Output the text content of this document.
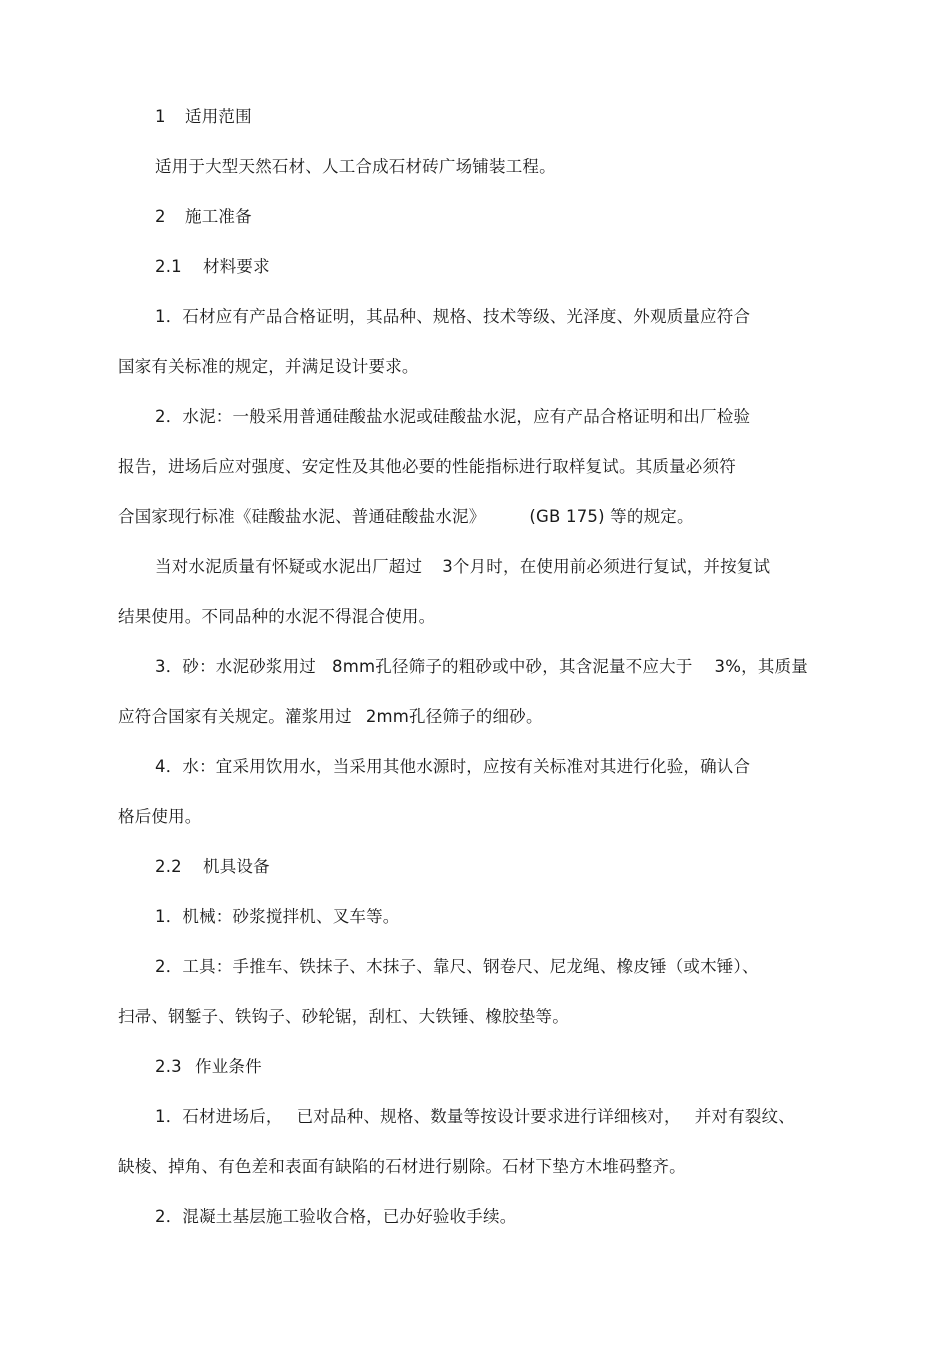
1 适用范围
适用于大型天然石材、人工合成石材砖广场铺装工程。
2 施工准备
2.1 材料要求
1．石材应有产品合格证明，其品种、规格、技术等级、光泽度、外观质量应符合
国家有关标准的规定，并满足设计要求。
2．水泥：一般采用普通硅酸盐水泥或硅酸盐水泥，应有产品合格证明和出厂检验
报告，进场后应对强度、安定性及其他必要的性能指标进行取样复试。其质量必须符
合国家现行标准《硅酸盐水泥、普通硅酸盐水泥》	(GB 175) 等的规定。
当对水泥质量有怀疑或水泥出厂超过 3个月时，在使用前必须进行复试，并按复试
结果使用。不同品种的水泥不得混合使用。
3．砂：水泥砂浆用过 8mm孔径筛子的粗砂或中砂，其含泥量不应大于 3%，其质量
应符合国家有关规定。灌浆用过 2mm孔径筛子的细砂。
4．水：宜采用饮用水，当采用其他水源时，应按有关标准对其进行化验，确认合
格后使用。
2.2 机具设备
1．机械：砂浆搅拌机、叉车等。
2．工具：手推车、铁抹子、木抹子、靠尺、钢卷尺、尼龙绳、橡皮锤（或木锤）、
扫帚、钢錾子、铁钩子、砂轮锯，刮杠、大铁锤、橡胶垫等。
2.3 作业条件
1．石材进场后， 已对品种、规格、数量等按设计要求进行详细核对， 并对有裂纹、
缺棱、掉角、有色差和表面有缺陷的石材进行剔除。石材下垫方木堆码整齐。
2．混凝土基层施工验收合格，已办好验收手续。
